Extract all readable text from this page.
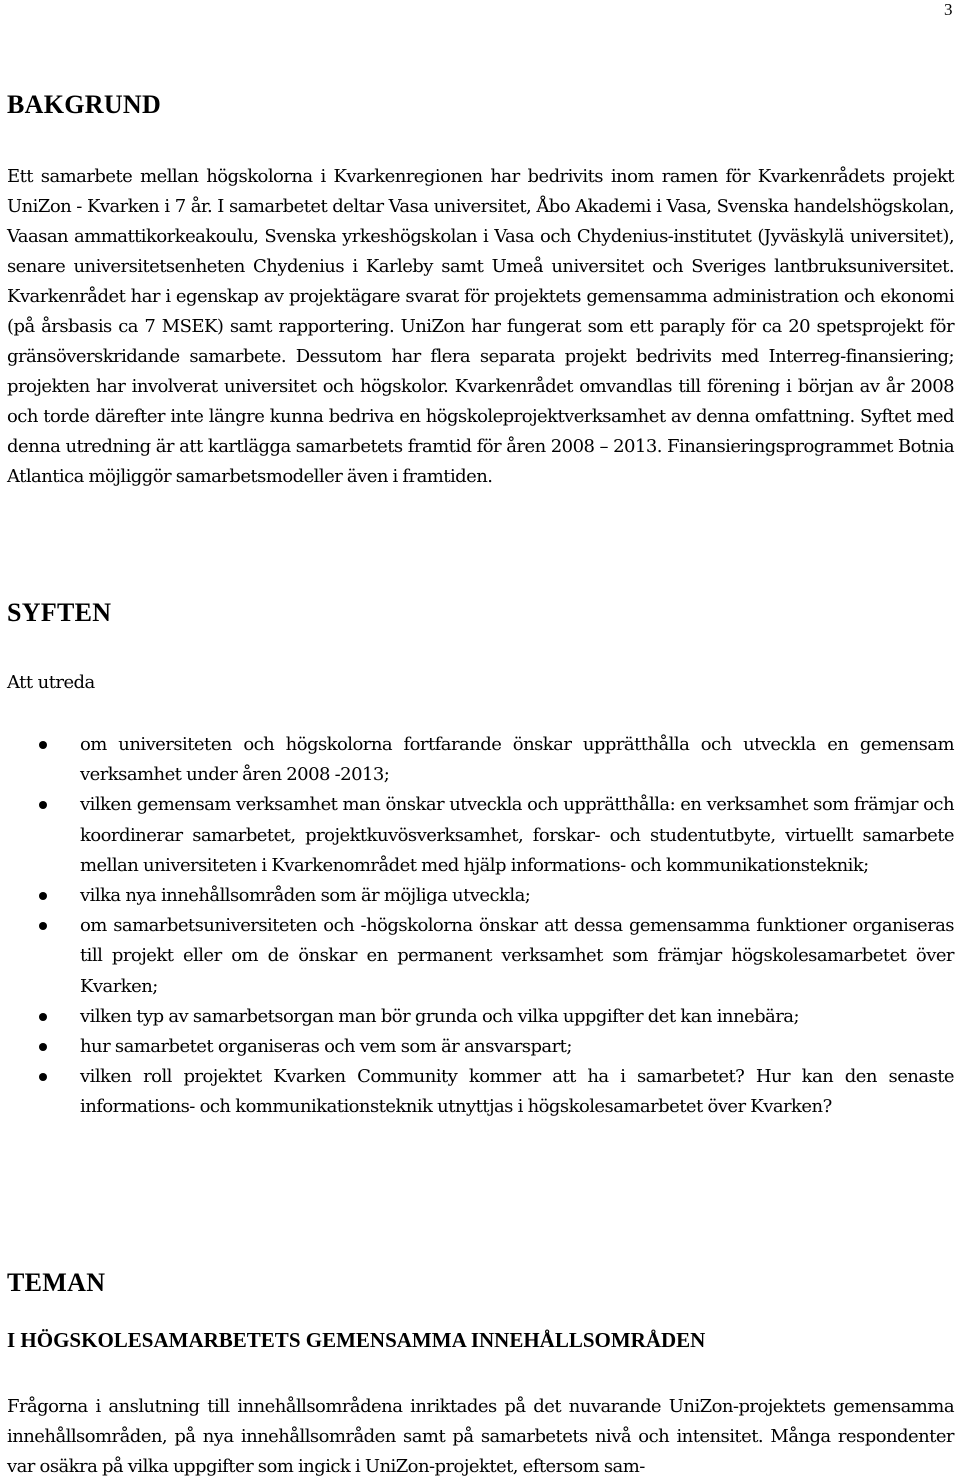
3
BAKGRUND
Ett samarbete mellan högskolorna i Kvarkenregionen har bedrivits inom ramen för Kvarkenrådets projekt UniZon - Kvarken i 7 år. I samarbetet deltar Vasa universitet, Åbo Akademi i Vasa, Svenska handelshögskolan, Vaasan ammattikorkeakoulu, Svenska yrkeshögskolan i Vasa och Chydenius-institutet (Jyväskylä universitet), senare universitetsenheten Chydenius i Karleby samt Umeå universitet och Sveriges lantbruksuniversitet. Kvarkenrådet har i egenskap av projektägare svarat för projektets gemensamma administration och ekonomi (på årsbasis ca 7 MSEK) samt rapportering. UniZon har fungerat som ett paraply för ca 20 spetsprojekt för gränsöverskridande samarbete. Dessutom har flera separata projekt bedrivits med Interreg-finansiering; projekten har involverat universitet och högskolor. Kvarkenrådet omvandlas till förening i början av år 2008 och torde därefter inte längre kunna bedriva en högskoleprojektverksamhet av denna omfattning. Syftet med denna utredning är att kartlägga samarbetets framtid för åren 2008 – 2013. Finansieringsprogrammet Botnia Atlantica möjliggör samarbetsmodeller även i framtiden.
SYFTEN
Att utreda
om universiteten och högskolorna fortfarande önskar upprätthålla och utveckla en gemensam verksamhet under åren 2008 -2013;
vilken gemensam verksamhet man önskar utveckla och upprätthålla: en verksamhet som främjar och koordinerar samarbetet, projektkuvösverksamhet, forskar- och studentutbyte, virtuellt samarbete mellan universiteten i Kvarkenområdet med hjälp informations- och kommunikationsteknik;
vilka nya innehållsområden som är möjliga utveckla;
om samarbetsuniversiteten och -högskolorna önskar att dessa gemensamma funktioner organiseras till projekt eller om de önskar en permanent verksamhet som främjar högskolesamarbetet över Kvarken;
vilken typ av samarbetsorgan man bör grunda och vilka uppgifter det kan innebära;
hur samarbetet organiseras och vem som är ansvarspart;
vilken roll projektet Kvarken Community kommer att ha i samarbetet? Hur kan den senaste informations- och kommunikationsteknik utnyttjas i högskolesamarbetet över Kvarken?
TEMAN
I HÖGSKOLESAMARBETETS GEMENSAMMA INNEHÅLLSOMRÅDEN
Frågorna i anslutning till innehållsområdena inriktades på det nuvarande UniZon-projektets gemensamma innehållsområden, på nya innehållsområden samt på samarbetets nivå och intensitet. Många respondenter var osäkra på vilka uppgifter som ingick i UniZon-projektet, eftersom sam-
